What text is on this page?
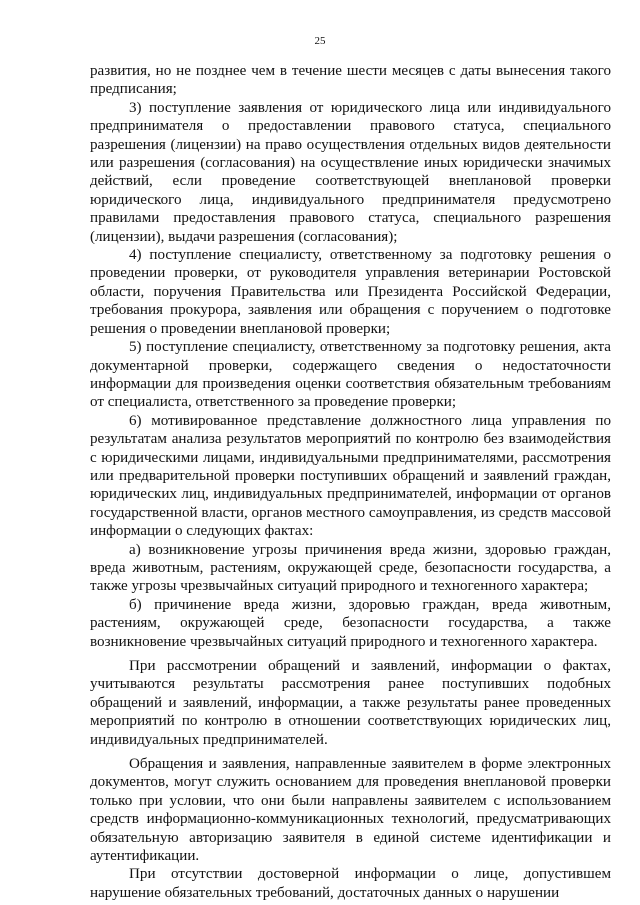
25

развития, но не позднее чем в течение шести месяцев с даты вынесения такого предписания;

3) поступление заявления от юридического лица или индивидуального предпринимателя о предоставлении правового статуса, специального разрешения (лицензии) на право осуществления отдельных видов деятельности или разрешения (согласования) на осуществление иных юридически значимых действий, если проведение соответствующей внеплановой проверки юридического лица, индивидуального предпринимателя предусмотрено правилами предоставления правового статуса, специального разрешения (лицензии), выдачи разрешения (согласования);

4) поступление специалисту, ответственному за подготовку решения о проведении проверки, от руководителя управления ветеринарии Ростовской области, поручения Правительства или Президента Российской Федерации, требования прокурора, заявления или обращения с поручением о подготовке решения о проведении внеплановой проверки;

5) поступление специалисту, ответственному за подготовку решения, акта документарной проверки, содержащего сведения о недостаточности информации для произведения оценки соответствия обязательным требованиям от специалиста, ответственного за проведение проверки;

6) мотивированное представление должностного лица управления по результатам анализа результатов мероприятий по контролю без взаимодействия с юридическими лицами, индивидуальными предпринимателями, рассмотрения или предварительной проверки поступивших обращений и заявлений граждан, юридических лиц, индивидуальных предпринимателей, информации от органов государственной власти, органов местного самоуправления, из средств массовой информации о следующих фактах:

а) возникновение угрозы причинения вреда жизни, здоровью граждан, вреда животным, растениям, окружающей среде, безопасности государства, а также угрозы чрезвычайных ситуаций природного и техногенного характера;

б) причинение вреда жизни, здоровью граждан, вреда животным, растениям, окружающей среде, безопасности государства, а также возникновение чрезвычайных ситуаций природного и техногенного характера.

При рассмотрении обращений и заявлений, информации о фактах, учитываются результаты рассмотрения ранее поступивших подобных обращений и заявлений, информации, а также результаты ранее проведенных мероприятий по контролю в отношении соответствующих юридических лиц, индивидуальных предпринимателей.

Обращения и заявления, направленные заявителем в форме электронных документов, могут служить основанием для проведения внеплановой проверки только при условии, что они были направлены заявителем с использованием средств информационно-коммуникационных технологий, предусматривающих обязательную авторизацию заявителя в единой системе идентификации и аутентификации.

При отсутствии достоверной информации о лице, допустившем нарушение обязательных требований, достаточных данных о нарушении
